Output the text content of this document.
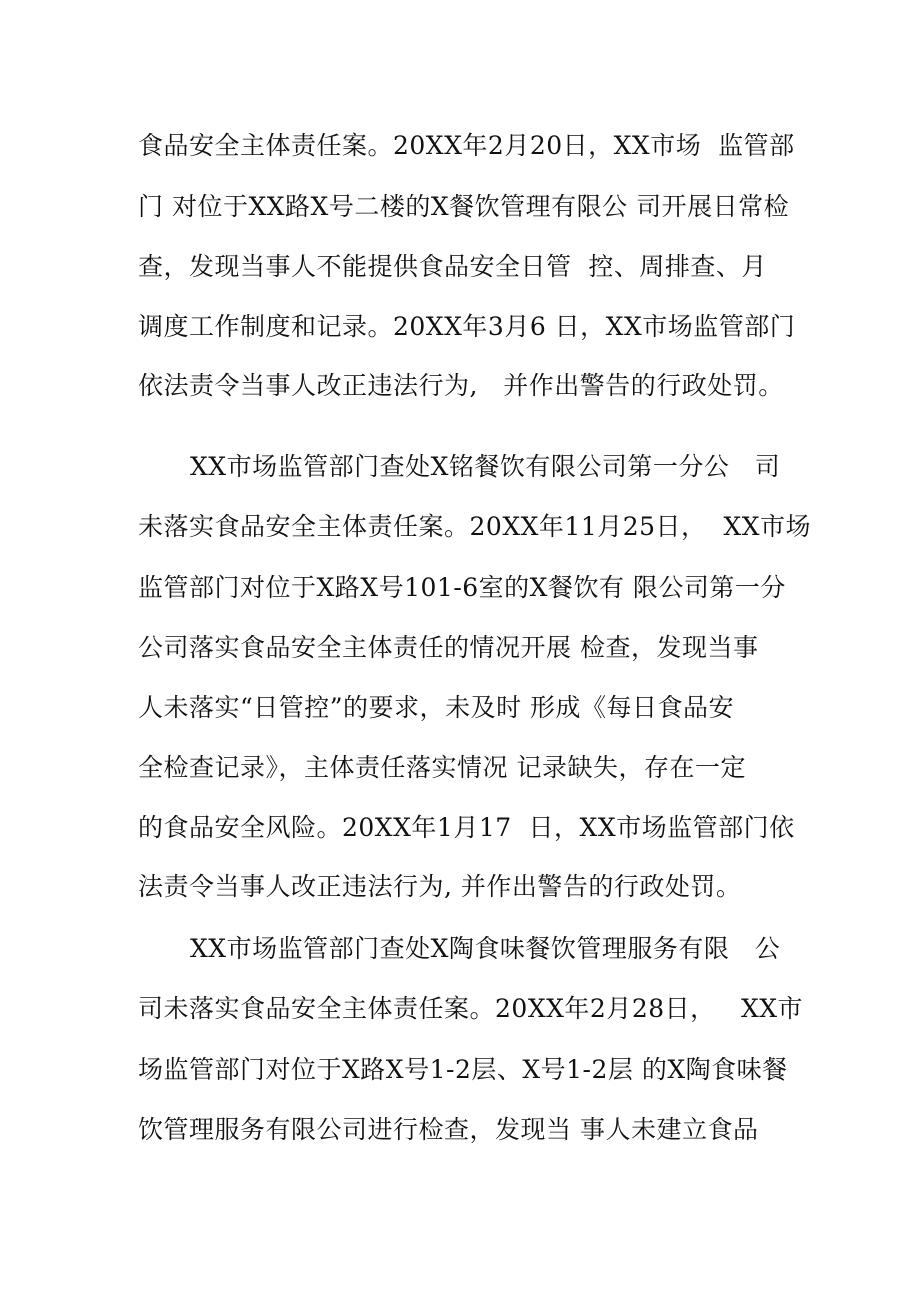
食品安全主体责任案。20XX年2月20日，XX市场  监管部
门 对位于XX路X号二楼的X餐饮管理有限公 司开展日常检
查，发现当事人不能提供食品安全日管  控、周排查、月
调度工作制度和记录。20XX年3月6 日，XX市场监管部门
依法责令当事人改正违法行为,   并作出警告的行政处罚。
XX市场监管部门查处X铭餐饮有限公司第一分公   司
未落实食品安全主体责任案。20XX年11月25日，  XX市场
监管部门对位于X路X号101-6室的X餐饮有 限公司第一分
公司落实食品安全主体责任的情况开展 检查，发现当事
人未落实“日管控”的要求，未及时 形成《每日食品安
全检查记录》，主体责任落实情况 记录缺失，存在一定
的食品安全风险。20XX年1月17  日，XX市场监管部门依
法责令当事人改正违法行为, 并作出警告的行政处罚。
XX市场监管部门查处X陶食味餐饮管理服务有限   公
司未落实食品安全主体责任案。20XX年2月28日，   XX市
场监管部门对位于X路X号1-2层、X号1-2层 的X陶食味餐
饮管理服务有限公司进行检查，发现当 事人未建立食品
